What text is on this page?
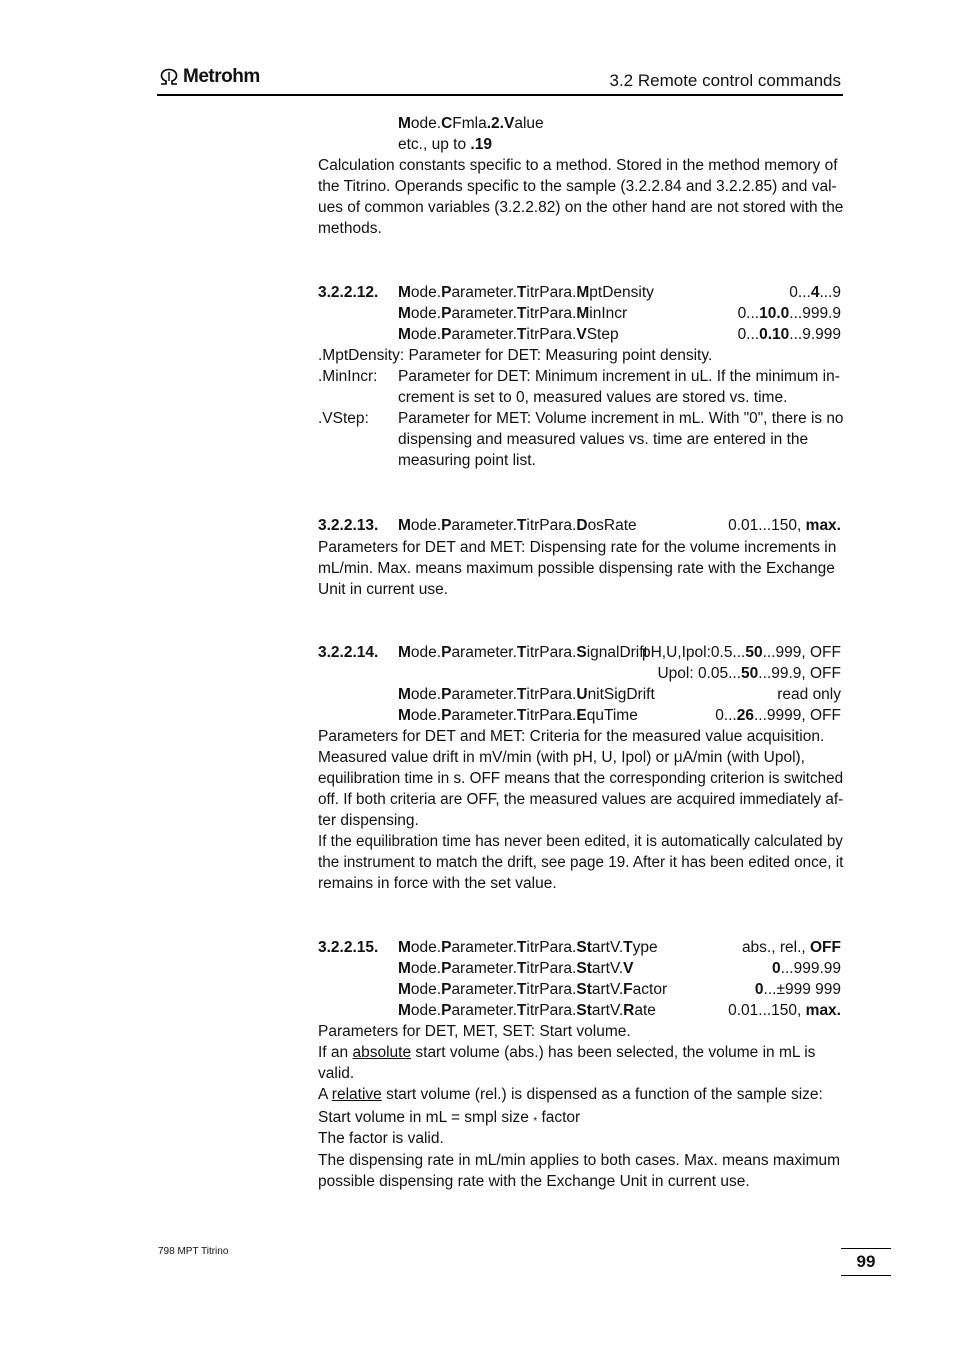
Metrohm	3.2 Remote control commands
Mode.CFmla.2.Value
etc., up to .19
Calculation constants specific to a method. Stored in the method memory of
the Titrino. Operands specific to the sample (3.2.2.84 and 3.2.2.85) and val-
ues of common variables (3.2.2.82) on the other hand are not stored with the
methods.
3.2.2.12. Mode.Parameter.TitrPara.MptDensity	0...4...9
Mode.Parameter.TitrPara.MinIncr	0...10.0...999.9
Mode.Parameter.TitrPara.VStep	0...0.10...9.999
.MptDensity: Parameter for DET: Measuring point density.
.MinIncr: Parameter for DET: Minimum increment in uL. If the minimum in-
crement is set to 0, measured values are stored vs. time.
.VStep: Parameter for MET: Volume increment in mL. With "0", there is no
dispensing and measured values vs. time are entered in the
measuring point list.
3.2.2.13. Mode.Parameter.TitrPara.DosRate	0.01...150, max.
Parameters for DET and MET: Dispensing rate for the volume increments in
mL/min. Max. means maximum possible dispensing rate with the Exchange
Unit in current use.
3.2.2.14. Mode.Parameter.TitrPara.SignalDrift
pH,U,Ipol:0.5...50...999, OFF
Upol: 0.05...50...99.9, OFF
Mode.Parameter.TitrPara.UnitSigDrift	read only
Mode.Parameter.TitrPara.EquTime	0...26...9999, OFF
Parameters for DET and MET: Criteria for the measured value acquisition.
Measured value drift in mV/min (with pH, U, Ipol) or μA/min (with Upol),
equilibration time in s. OFF means that the corresponding criterion is switched
off. If both criteria are OFF, the measured values are acquired immediately af-
ter dispensing.
If the equilibration time has never been edited, it is automatically calculated by
the instrument to match the drift, see page 19. After it has been edited once, it
remains in force with the set value.
3.2.2.15. Mode.Parameter.TitrPara.StartV.Type	abs., rel., OFF
Mode.Parameter.TitrPara.StartV.V	0...999.99
Mode.Parameter.TitrPara.StartV.Factor	0...±999 999
Mode.Parameter.TitrPara.StartV.Rate	0.01...150, max.
Parameters for DET, MET, SET: Start volume.
If an absolute start volume (abs.) has been selected, the volume in mL is
valid.
A relative start volume (rel.) is dispensed as a function of the sample size:
Start volume in mL = smpl size * factor
The factor is valid.
The dispensing rate in mL/min applies to both cases. Max. means maximum
possible dispensing rate with the Exchange Unit in current use.
798 MPT Titrino
99
